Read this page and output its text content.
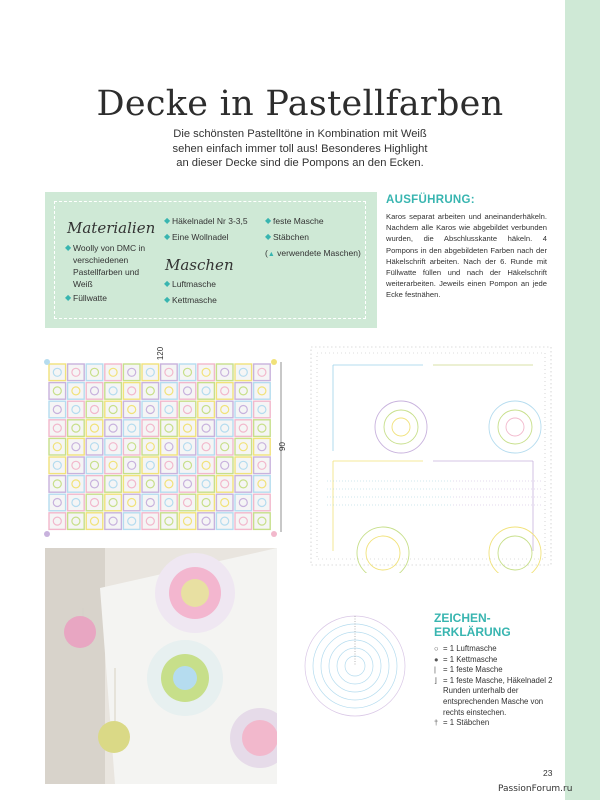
Decke in Pastellfarben
Die schönsten Pastelltöne in Kombination mit Weiß
sehen einfach immer toll aus! Besonderes Highlight
an dieser Decke sind die Pompons an den Ecken.
Materialien
◆ Woolly von DMC in verschiedenen Pastellfarben und Weiß
◆ Füllwatte
◆ Häkelnadel Nr 3-3,5
◆ Eine Wollnadel
Maschen
◆ Luftmasche
◆ Kettmasche
◆ feste Masche
◆ Stäbchen
(▲ verwendete Maschen)
AUSFÜHRUNG:
Karos separat arbeiten und aneinanderhäkeln. Nachdem alle Karos wie abgebildet verbunden wurden, die Abschlusskante häkeln. 4 Pompons in den abgebildeten Farben nach der Häkelschrift arbeiten. Nach der 6. Runde mit Füllwatte füllen und nach der Häkelschrift weiterarbeiten. Jeweils einen Pompon an jede Ecke festnähen.
120
90
ZEICHEN-
ERKLÄRUNG
○ = 1 Luftmasche
● = 1 Kettmasche
| = 1 feste Masche
⌋ = 1 feste Masche, Häkelnadel 2 Runden unterhalb der entsprechenden Masche von rechts einstechen.
† = 1 Stäbchen
23
PassionForum.ru
